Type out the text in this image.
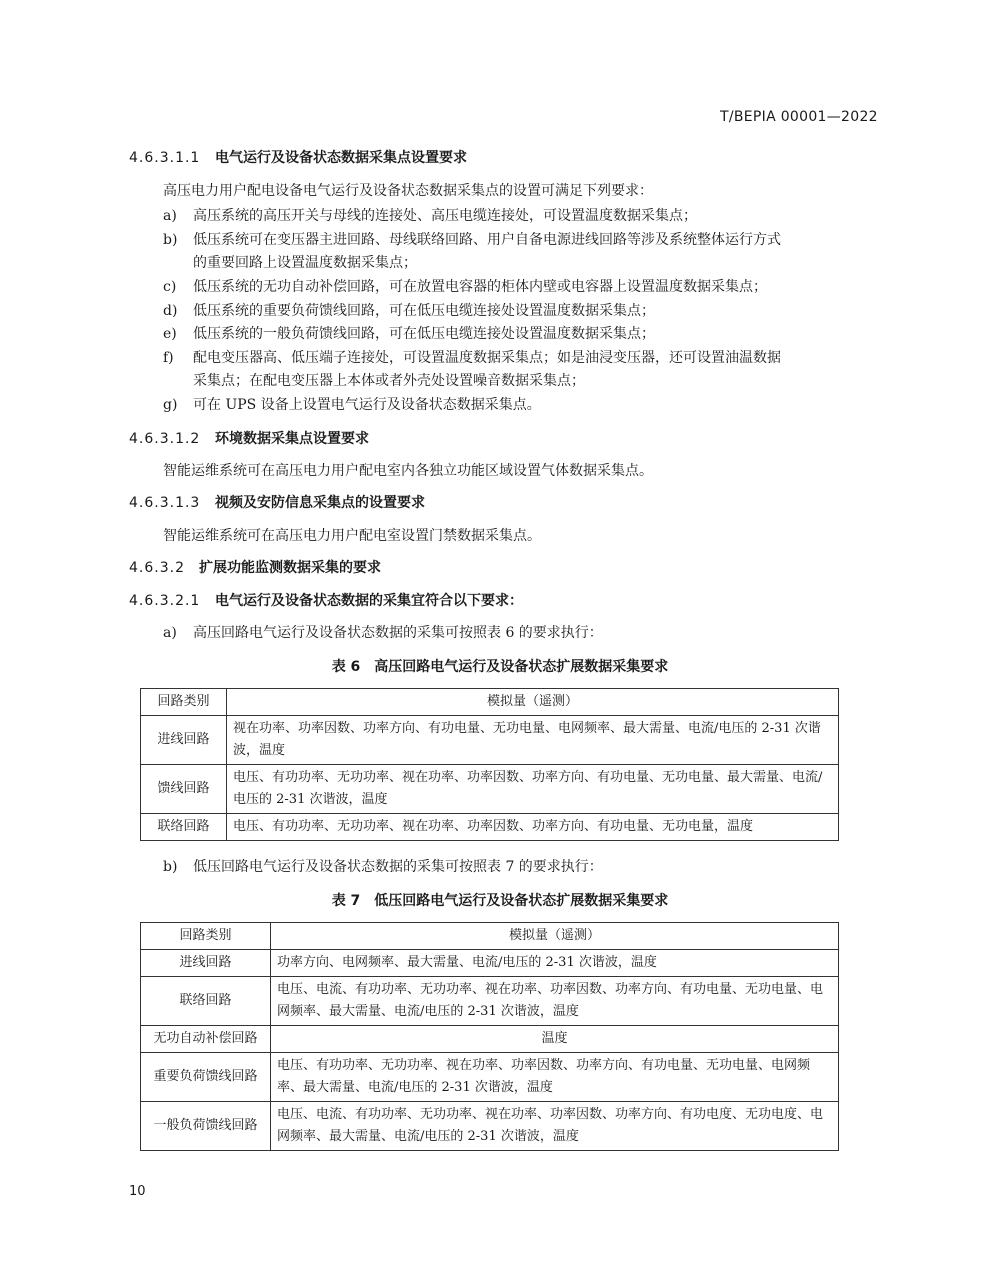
T/BEPIA 00001—2022
4.6.3.1.1 电气运行及设备状态数据采集点设置要求
高压电力用户配电设备电气运行及设备状态数据采集点的设置可满足下列要求：
a) 高压系统的高压开关与母线的连接处、高压电缆连接处，可设置温度数据采集点；
b) 低压系统可在变压器主进回路、母线联络回路、用户自备电源进线回路等涉及系统整体运行方式
的重要回路上设置温度数据采集点；
c) 低压系统的无功自动补偿回路，可在放置电容器的柜体内壁或电容器上设置温度数据采集点；
d) 低压系统的重要负荷馈线回路，可在低压电缆连接处设置温度数据采集点；
e) 低压系统的一般负荷馈线回路，可在低压电缆连接处设置温度数据采集点；
f) 配电变压器高、低压端子连接处，可设置温度数据采集点；如是油浸变压器，还可设置油温数据
采集点；在配电变压器上本体或者外壳处设置噪音数据采集点；
g) 可在 UPS 设备上设置电气运行及设备状态数据采集点。
4.6.3.1.2 环境数据采集点设置要求
智能运维系统可在高压电力用户配电室内各独立功能区域设置气体数据采集点。
4.6.3.1.3 视频及安防信息采集点的设置要求
智能运维系统可在高压电力用户配电室设置门禁数据采集点。
4.6.3.2 扩展功能监测数据采集的要求
4.6.3.2.1 电气运行及设备状态数据的采集宜符合以下要求：
a) 高压回路电气运行及设备状态数据的采集可按照表 6 的要求执行：
表 6　高压回路电气运行及设备状态扩展数据采集要求
回路类别	模拟量（遥测）
进线回路	视在功率、功率因数、功率方向、有功电量、无功电量、电网频率、最大需量、电流/电压的 2-31 次谐波，温度
馈线回路	电压、有功功率、无功功率、视在功率、功率因数、功率方向、有功电量、无功电量、最大需量、电流/电压的 2-31 次谐波，温度
联络回路	电压、有功功率、无功功率、视在功率、功率因数、功率方向、有功电量、无功电量，温度
b) 低压回路电气运行及设备状态数据的采集可按照表 7 的要求执行：
表 7　低压回路电气运行及设备状态扩展数据采集要求
回路类别	模拟量（遥测）
进线回路	功率方向、电网频率、最大需量、电流/电压的 2-31 次谐波，温度
联络回路	电压、电流、有功功率、无功功率、视在功率、功率因数、功率方向、有功电量、无功电量、电网频率、最大需量、电流/电压的 2-31 次谐波，温度
无功自动补偿回路	温度
重要负荷馈线回路	电压、有功功率、无功功率、视在功率、功率因数、功率方向、有功电量、无功电量、电网频率、最大需量、电流/电压的 2-31 次谐波，温度
一般负荷馈线回路	电压、电流、有功功率、无功功率、视在功率、功率因数、功率方向、有功电度、无功电度、电网频率、最大需量、电流/电压的 2-31 次谐波，温度
10
